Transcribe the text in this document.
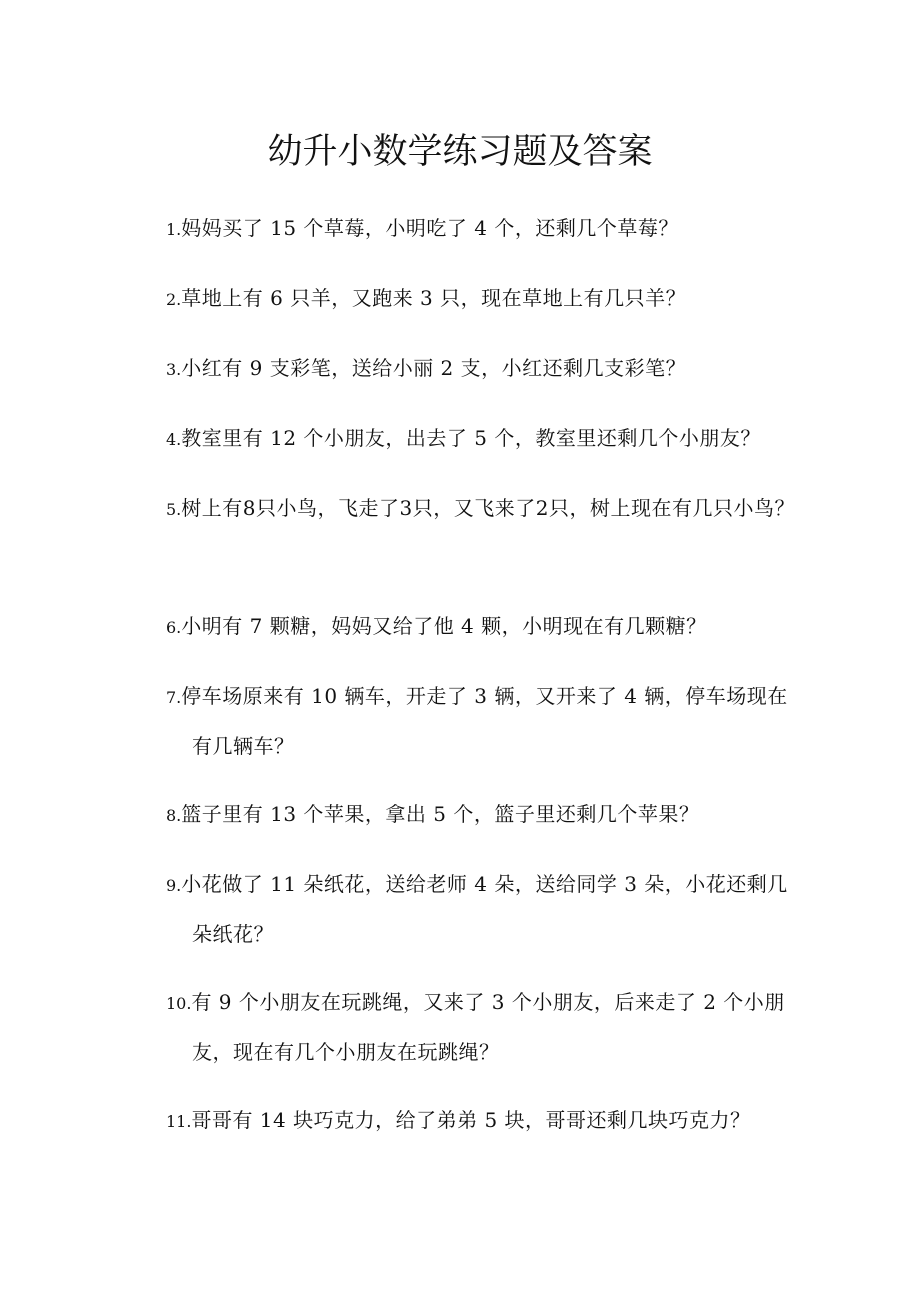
幼升小数学练习题及答案

1.妈妈买了 15 个草莓，小明吃了 4 个，还剩几个草莓？

2.草地上有 6 只羊，又跑来 3 只，现在草地上有几只羊？

3.小红有 9 支彩笔，送给小丽 2 支，小红还剩几支彩笔？

4.教室里有 12 个小朋友，出去了 5 个，教室里还剩几个小朋友？

5.树上有8只小鸟，飞走了3只，又飞来了2只，树上现在有几只小鸟？

6.小明有 7 颗糖，妈妈又给了他 4 颗，小明现在有几颗糖？

7.停车场原来有 10 辆车，开走了 3 辆，又开来了 4 辆，停车场现在有几辆车？

8.篮子里有 13 个苹果，拿出 5 个，篮子里还剩几个苹果？

9.小花做了 11 朵纸花，送给老师 4 朵，送给同学 3 朵，小花还剩几朵纸花？

10.有 9 个小朋友在玩跳绳，又来了 3 个小朋友，后来走了 2 个小朋友，现在有几个小朋友在玩跳绳？

11.哥哥有 14 块巧克力，给了弟弟 5 块，哥哥还剩几块巧克力？
